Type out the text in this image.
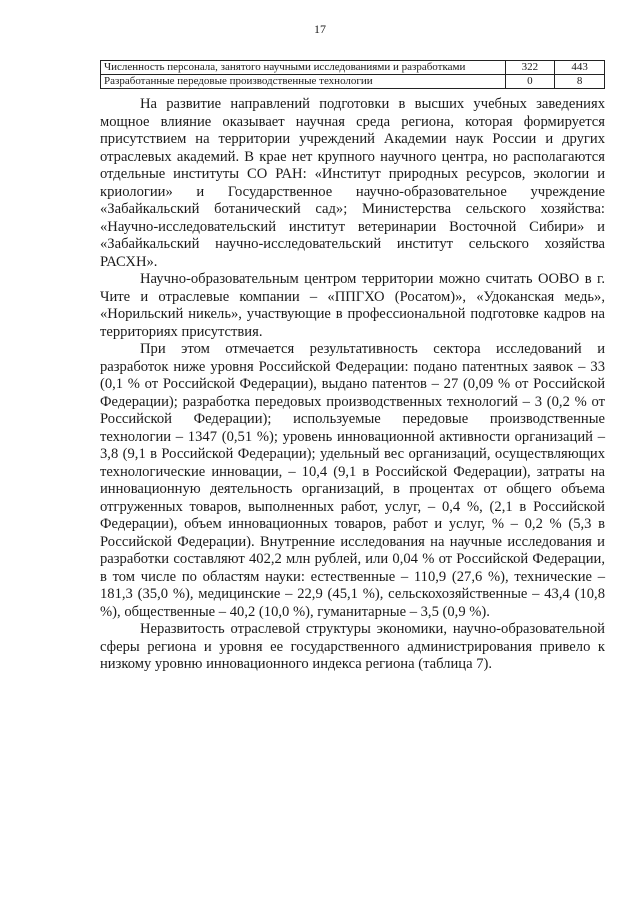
17

Численность персонала, занятого научными исследованиями и разработками	322	443
Разработанные передовые производственные технологии	0	8

На развитие направлений подготовки в высших учебных заведениях мощное влияние оказывает научная среда региона, которая формируется присутствием на территории учреждений Академии наук России и других отраслевых академий. В крае нет крупного научного центра, но располагаются отдельные институты СО РАН: «Институт природных ресурсов, экологии и криологии» и Государственное научно-образовательное учреждение «Забайкальский ботанический сад»; Министерства сельского хозяйства: «Научно-исследовательский институт ветеринарии Восточной Сибири» и «Забайкальский научно-исследовательский институт сельского хозяйства РАСХН».

Научно-образовательным центром территории можно считать ООВО в г. Чите и отраслевые компании – «ППГХО (Росатом)», «Удоканская медь», «Норильский никель», участвующие в профессиональной подготовке кадров на территориях присутствия.

При этом отмечается результативность сектора исследований и разработок ниже уровня Российской Федерации: подано патентных заявок – 33 (0,1 % от Российской Федерации), выдано патентов – 27 (0,09 % от Российской Федерации); разработка передовых производственных технологий – 3 (0,2 % от Российской Федерации); используемые передовые производственные технологии – 1347 (0,51 %); уровень инновационной активности организаций – 3,8 (9,1 в Российской Федерации); удельный вес организаций, осуществляющих технологические инновации, – 10,4 (9,1 в Российской Федерации), затраты на инновационную деятельность организаций, в процентах от общего объема отгруженных товаров, выполненных работ, услуг, – 0,4 %, (2,1 в Российской Федерации), объем инновационных товаров, работ и услуг, % – 0,2 % (5,3 в Российской Федерации). Внутренние исследования на научные исследования и разработки составляют 402,2 млн рублей, или 0,04 % от Российской Федерации, в том числе по областям науки: естественные – 110,9 (27,6 %), технические – 181,3 (35,0 %), медицинские – 22,9 (45,1 %), сельскохозяйственные – 43,4 (10,8 %), общественные – 40,2 (10,0 %), гуманитарные – 3,5 (0,9 %).

Неразвитость отраслевой структуры экономики, научно-образовательной сферы региона и уровня ее государственного администрирования привело к низкому уровню инновационного индекса региона (таблица 7).
